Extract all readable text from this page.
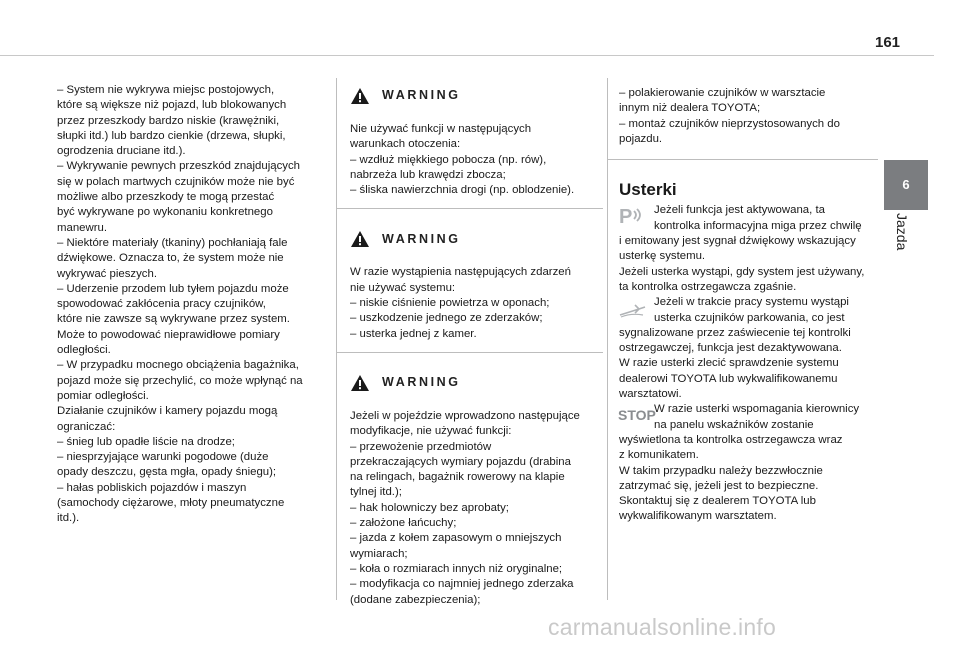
161
6
Jazda

– System nie wykrywa miejsc postojowych,

które są większe niż pojazd, lub blokowanych

przez przeszkody bardzo niskie (krawężniki,

słupki itd.) lub bardzo cienkie (drzewa, słupki,

ogrodzenia druciane itd.).

– Wykrywanie pewnych przeszkód znajdujących

się w polach martwych czujników może nie być

możliwe albo przeszkody te mogą przestać

być wykrywane po wykonaniu konkretnego

manewru.

– Niektóre materiały (tkaniny) pochłaniają fale

dźwiękowe. Oznacza to, że system może nie

wykrywać pieszych.

– Uderzenie przodem lub tyłem pojazdu może

spowodować zakłócenia pracy czujników,

które nie zawsze są wykrywane przez system.

Może to powodować nieprawidłowe pomiary

odległości.

– W przypadku mocnego obciążenia bagażnika,

pojazd może się przechylić, co może wpłynąć na

pomiar odległości.

Działanie czujników i kamery pojazdu mogą

ograniczać:

– śnieg lub opadłe liście na drodze;

– niesprzyjające warunki pogodowe (duże

opady deszczu, gęsta mgła, opady śniegu);

– hałas pobliskich pojazdów i maszyn

(samochody ciężarowe, młoty pneumatyczne

itd.).

WARNING

Nie używać funkcji w następujących

warunkach otoczenia:

– wzdłuż miękkiego pobocza (np. rów),

nabrzeża lub krawędzi zbocza;

– śliska nawierzchnia drogi (np. oblodzenie).

WARNING

W razie wystąpienia następujących zdarzeń

nie używać systemu:

– niskie ciśnienie powietrza w oponach;

– uszkodzenie jednego ze zderzaków;

– usterka jednej z kamer.

WARNING

Jeżeli w pojeździe wprowadzono następujące

modyfikacje, nie używać funkcji:

– przewożenie przedmiotów

przekraczających wymiary pojazdu (drabina

na relingach, bagażnik rowerowy na klapie

tylnej itd.);

– hak holowniczy bez aprobaty;

– założone łańcuchy;

– jazda z kołem zapasowym o mniejszych

wymiarach;

– koła o rozmiarach innych niż oryginalne;

– modyfikacja co najmniej jednego zderzaka

(dodane zabezpieczenia);

– polakierowanie czujników w warsztacie

innym niż dealera TOYOTA;

– montaż czujników nieprzystosowanych do

pojazdu.

Usterki
P	Jeżeli funkcja jest aktywowana, ta

kontrolka informacyjna miga przez chwilę

i emitowany jest sygnał dźwiękowy wskazujący

usterkę systemu.

Jeżeli usterka wystąpi, gdy system jest używany,

ta kontrolka ostrzegawcza zgaśnie.

Jeżeli w trakcie pracy systemu wystąpi

usterka czujników parkowania, co jest

sygnalizowane przez zaświecenie tej kontrolki

ostrzegawczej, funkcja jest dezaktywowana.

W razie usterki zlecić sprawdzenie systemu

dealerowi TOYOTA lub wykwalifikowanemu

warsztatowi.

STOP

W razie usterki wspomagania kierownicy

na panelu wskaźników zostanie

wyświetlona ta kontrolka ostrzegawcza wraz

z komunikatem.

W takim przypadku należy bezzwłocznie

zatrzymać się, jeżeli jest to bezpieczne.

Skontaktuj się z dealerem TOYOTA lub

wykwalifikowanym warsztatem.

carmanualsonline.info
